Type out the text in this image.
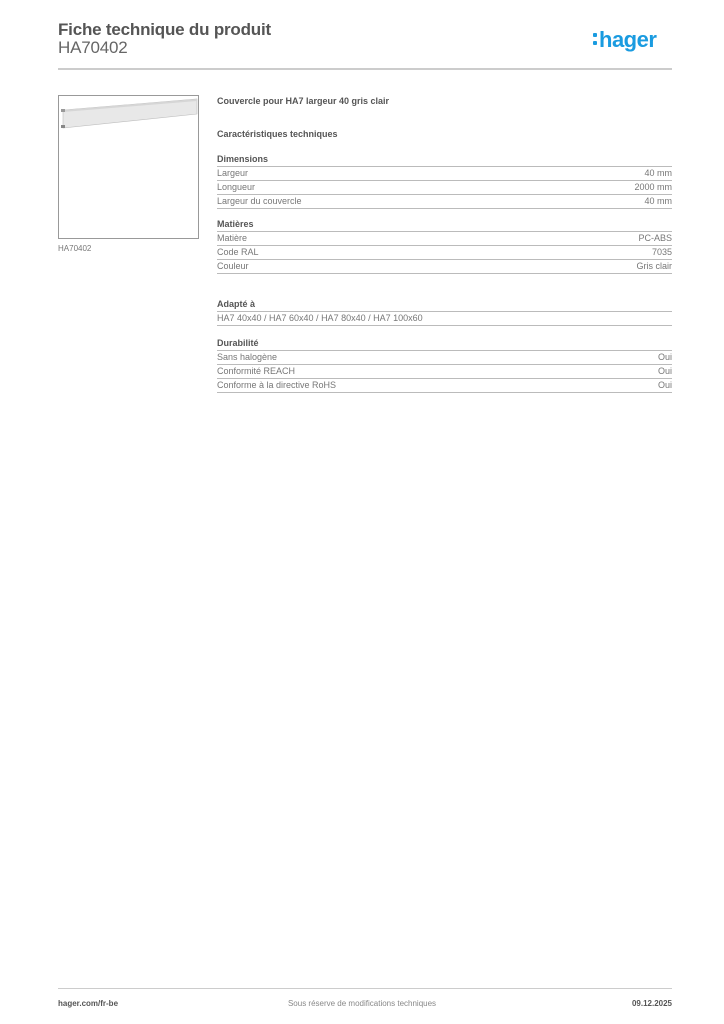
Fiche technique du produit
HA70402	hager
HA70402
Couvercle pour HA7 largeur 40 gris clair
Caractéristiques techniques
Dimensions
Largeur	40 mm
Longueur	2000 mm
Largeur du couvercle	40 mm
Matières
Matière	PC-ABS
Code RAL	7035
Couleur	Gris clair
Adapté à
HA7 40x40 / HA7 60x40 / HA7 80x40 / HA7 100x60
Durabilité
Sans halogène	Oui
Conformité REACH	Oui
Conforme à la directive RoHS	Oui
hager.com/fr-be	Sous réserve de modifications techniques	09.12.2025
